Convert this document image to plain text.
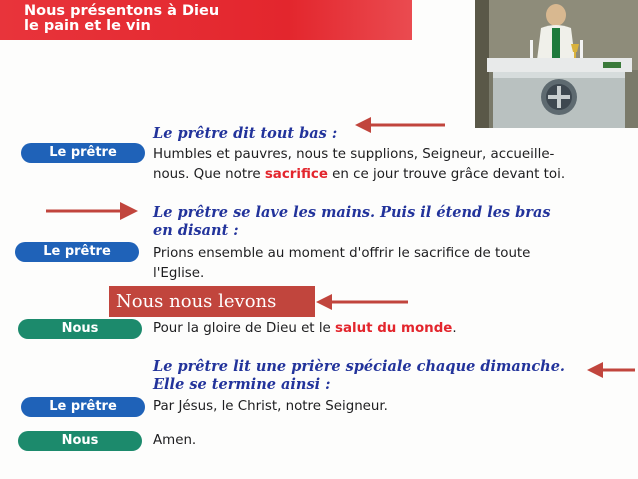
Nous présentons à Dieu
le pain et le vin
Le prêtre dit tout bas :
Le prêtre	Humbles et pauvres, nous te supplions, Seigneur, accueille-
nous. Que notre sacrifice en ce jour trouve grâce devant toi.
Le prêtre se lave les mains. Puis il étend les bras
en disant :
Le prêtre	Prions ensemble au moment d'offrir le sacrifice de toute
l'Eglise.
Nous nous levons
Nous	Pour la gloire de Dieu et le salut du monde.
Le prêtre lit une prière spéciale chaque dimanche.
Elle se termine ainsi :
Le prêtre	Par Jésus, le Christ, notre Seigneur.
Nous	Amen.
